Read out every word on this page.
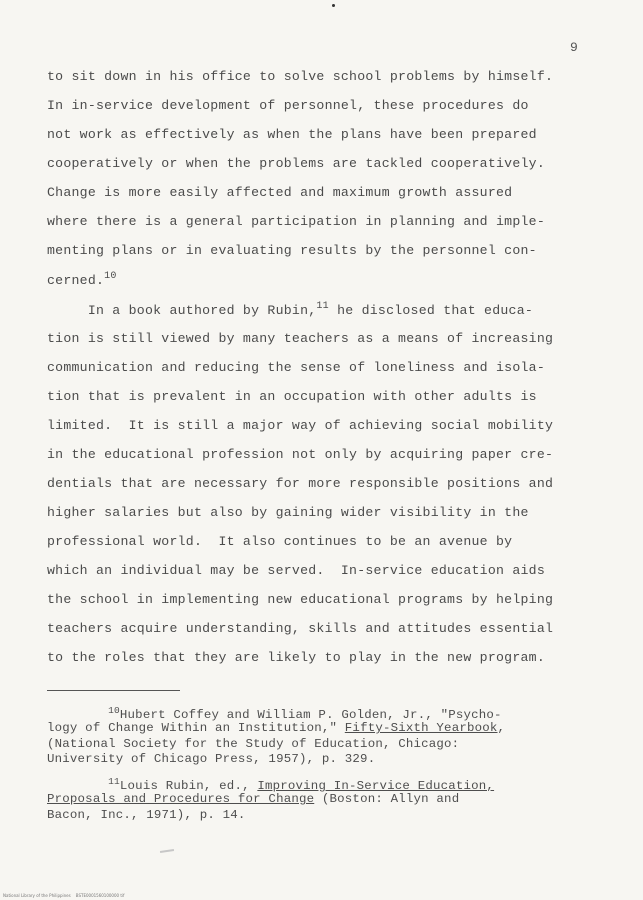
9
to sit down in his office to solve school problems by himself.
In in-service development of personnel, these procedures do
not work as effectively as when the plans have been prepared
cooperatively or when the problems are tackled cooperatively.
Change is more easily affected and maximum growth assured
where there is a general participation in planning and imple-
menting plans or in evaluating results by the personnel con-
cerned.$^{10}$
In a book authored by Rubin,$^{11}$ he disclosed that educa-
tion is still viewed by many teachers as a means of increasing
communication and reducing the sense of loneliness and isola-
tion that is prevalent in an occupation with other adults is
limited.  It is still a major way of achieving social mobility
in the educational profession not only by acquiring paper cre-
dentials that are necessary for more responsible positions and
higher salaries but also by gaining wider visibility in the
professional world.  It also continues to be an avenue by
which an individual may be served.  In-service education aids
the school in implementing new educational programs by helping
teachers acquire understanding, skills and attitudes essential
to the roles that they are likely to play in the new program.
$^{10}$Hubert Coffey and William P. Golden, Jr., "Psycho-
logy of Change Within an Institution," Fifty-Sixth Yearbook,
(National Society for the Study of Education, Chicago:
University of Chicago Press, 1957), p. 329.
$^{11}$Louis Rubin, ed., Improving In-Service Education,
Proposals and Procedures for Change (Boston: Allyn and
Bacon, Inc., 1971), p. 14.
National Library of the Philippines    BSTE0001560100000 tif
